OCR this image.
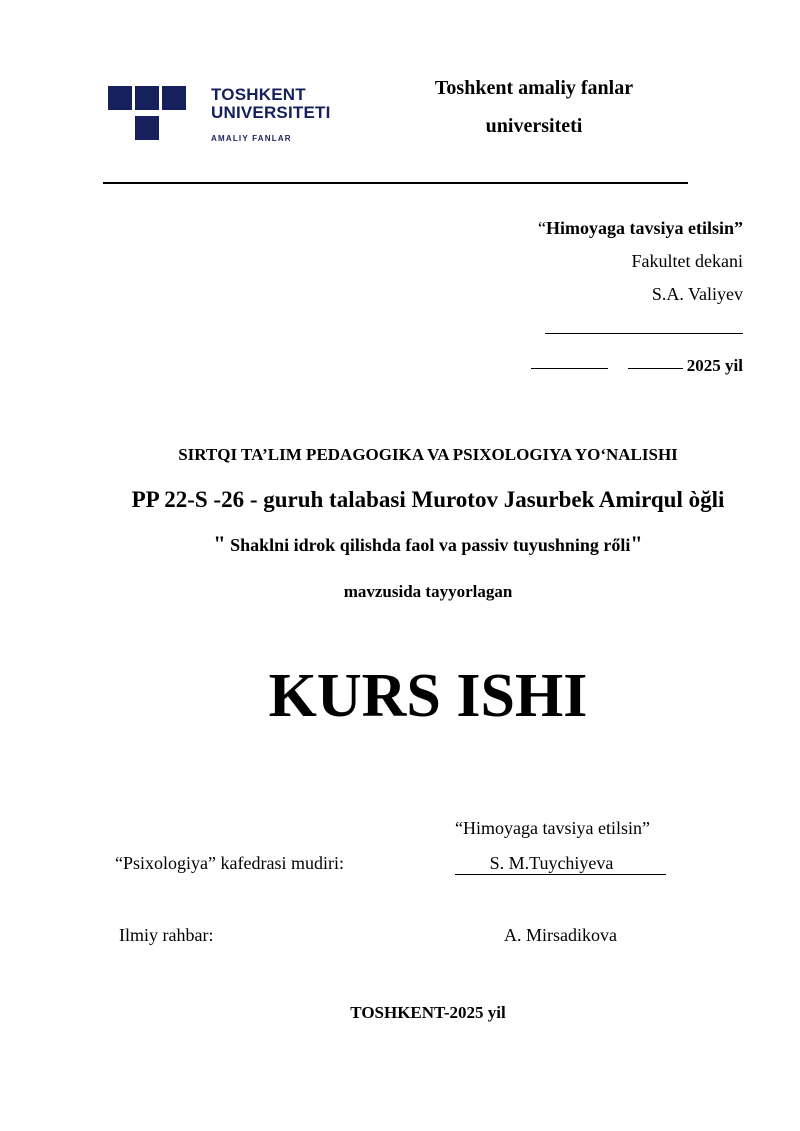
TOSHKENT
UNIVERSITETI
AMALIY FANLAR
Toshkent amaliy fanlar
universiteti
“Himoyaga tavsiya etilsin”
Fakultet dekani
S.A. Valiyev
2025 yil
SIRTQI TA’LIM PEDAGOGIKA VA PSIXOLOGIYA YO‘NALISHI
PP 22-S -26 - guruh talabasi Murotov Jasurbek Amirqul òğli
" Shaklni idrok qilishda faol va passiv tuyushning rőli"
mavzusida tayyorlagan
KURS ISHI
“Himoyaga tavsiya etilsin”
“Psixologiya” kafedrasi mudiri:	S. M.Tuychiyeva
Ilmiy rahbar:	A. Mirsadikova
TOSHKENT-2025 yil
